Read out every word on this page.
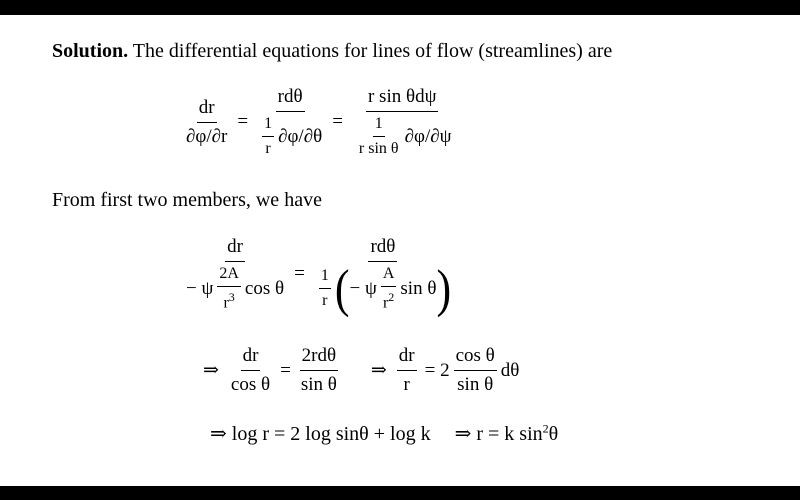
Solution. The differential equations for lines of flow (streamlines) are
$\frac{dr}{\partial\varphi/\partial r} = \frac{\text{rdθ}}{\frac{1}{r} \partial\varphi/\partial\theta} = \frac{\text{r sin θdψ}}{\frac{1}{\text{r sin θ}} \partial\varphi/\partial\psi}$
From first two members, we have
$\frac{dr}{- \psi \frac{2A}{r^3} \cos \theta} = \frac{\text{rdθ}}{\frac{1}{r} ( - \psi \frac{A}{r^2} \sin \theta )}$
⇒ $\frac{dr}{\text{cos θ}} = \frac{\text{2rdθ}}{\text{sin θ}}$ ⇒ $\frac{dr}{r} = 2 \frac{\text{cos θ}}{\text{sin θ}}$ dθ
⇒ log r = 2 log sinθ + log k ⇒ r = k $\sin^2\theta$
